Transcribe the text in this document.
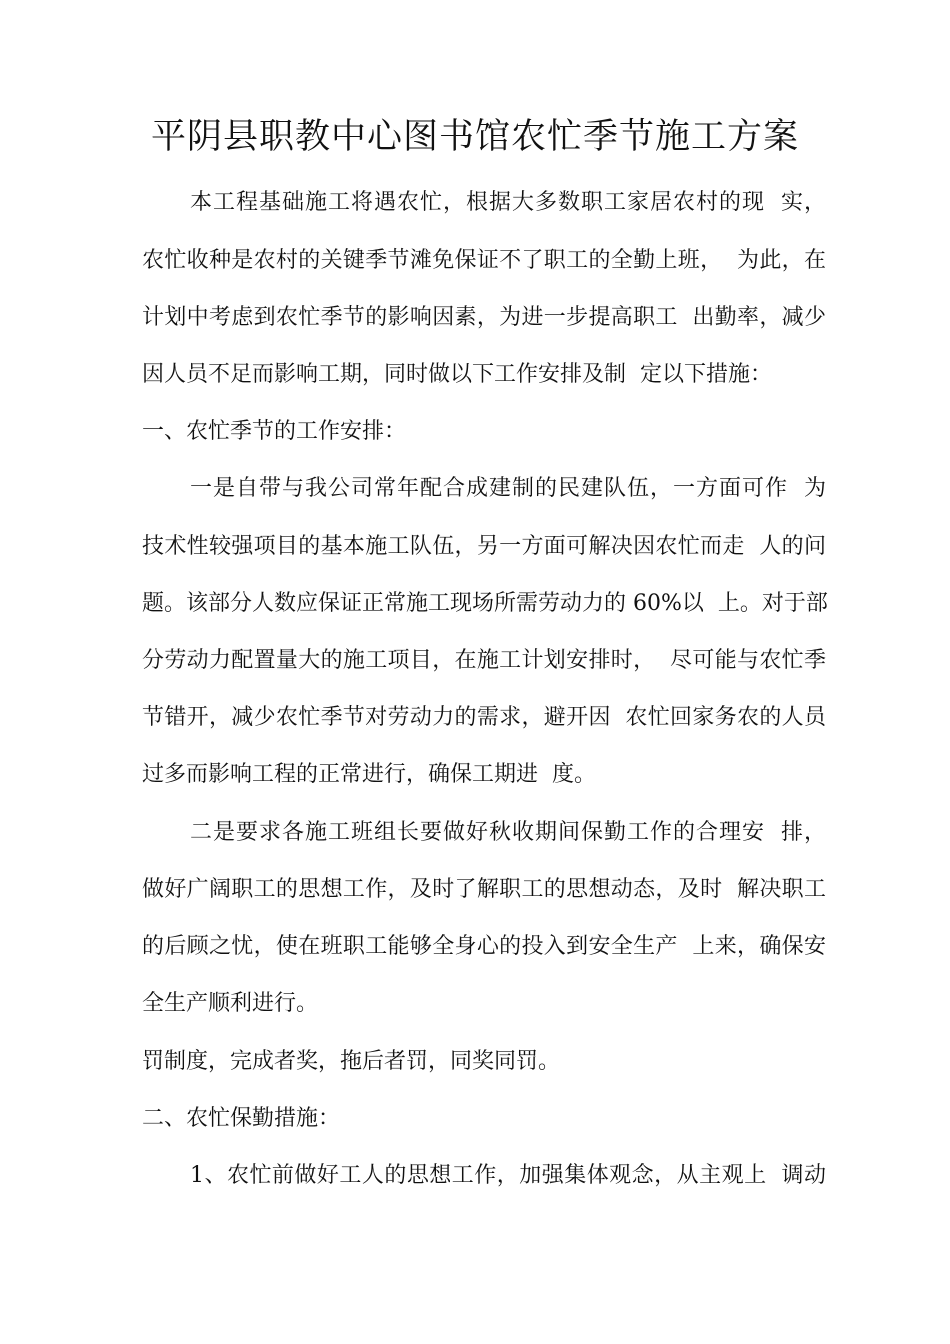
平阴县职教中心图书馆农忙季节施工方案
本工程基础施工将遇农忙，根据大多数职工家居农村的现  实，
农忙收种是农村的关键季节滩免保证不了职工的全勤上班，  为此，在
计划中考虑到农忙季节的影响因素，为进一步提高职工  出勤率，减少
因人员不足而影响工期，同时做以下工作安排及制  定以下措施：
一、农忙季节的工作安排：
一是自带与我公司常年配合成建制的民建队伍，一方面可作  为
技术性较强项目的基本施工队伍，另一方面可解决因农忙而走  人的问
题。该部分人数应保证正常施工现场所需劳动力的 60%以  上。对于部
分劳动力配置量大的施工项目，在施工计划安排时，  尽可能与农忙季
节错开，减少农忙季节对劳动力的需求，避开因  农忙回家务农的人员
过多而影响工程的正常进行，确保工期进  度。
二是要求各施工班组长要做好秋收期间保勤工作的合理安  排，
做好广阔职工的思想工作，及时了解职工的思想动态，及时  解决职工
的后顾之忧，使在班职工能够全身心的投入到安全生产  上来，确保安
全生产顺利进行。
罚制度，完成者奖，拖后者罚，同奖同罚。
二、农忙保勤措施：
1、农忙前做好工人的思想工作，加强集体观念，从主观上  调动
